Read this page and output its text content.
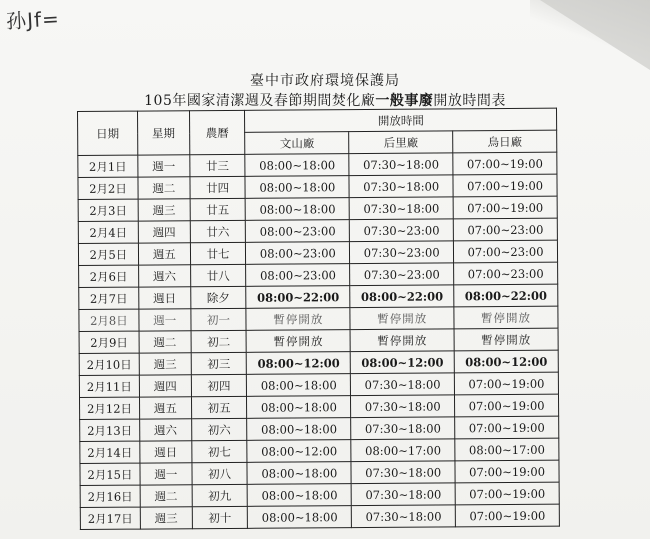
孙Jf=
臺中市政府環境保護局
105年國家清潔週及春節期間焚化廠一般事廢開放時間表
日期	星期	農曆	開放時間		
			文山廠	后里廠	烏日廠
2月1日	週一	廿三	08:00~18:00	07:30~18:00	07:00~19:00
2月2日	週二	廿四	08:00~18:00	07:30~18:00	07:00~19:00
2月3日	週三	廿五	08:00~18:00	07:30~18:00	07:00~19:00
2月4日	週四	廿六	08:00~23:00	07:30~23:00	07:00~23:00
2月5日	週五	廿七	08:00~23:00	07:30~23:00	07:00~23:00
2月6日	週六	廿八	08:00~23:00	07:30~23:00	07:00~23:00
2月7日	週日	除夕	08:00~22:00	08:00~22:00	08:00~22:00
2月8日	週一	初一	暫停開放	暫停開放	暫停開放
2月9日	週二	初二	暫停開放	暫停開放	暫停開放
2月10日	週三	初三	08:00~12:00	08:00~12:00	08:00~12:00
2月11日	週四	初四	08:00~18:00	07:30~18:00	07:00~19:00
2月12日	週五	初五	08:00~18:00	07:30~18:00	07:00~19:00
2月13日	週六	初六	08:00~18:00	07:30~18:00	07:00~19:00
2月14日	週日	初七	08:00~12:00	08:00~17:00	08:00~17:00
2月15日	週一	初八	08:00~18:00	07:30~18:00	07:00~19:00
2月16日	週二	初九	08:00~18:00	07:30~18:00	07:00~19:00
2月17日	週三	初十	08:00~18:00	07:30~18:00	07:00~19:00
